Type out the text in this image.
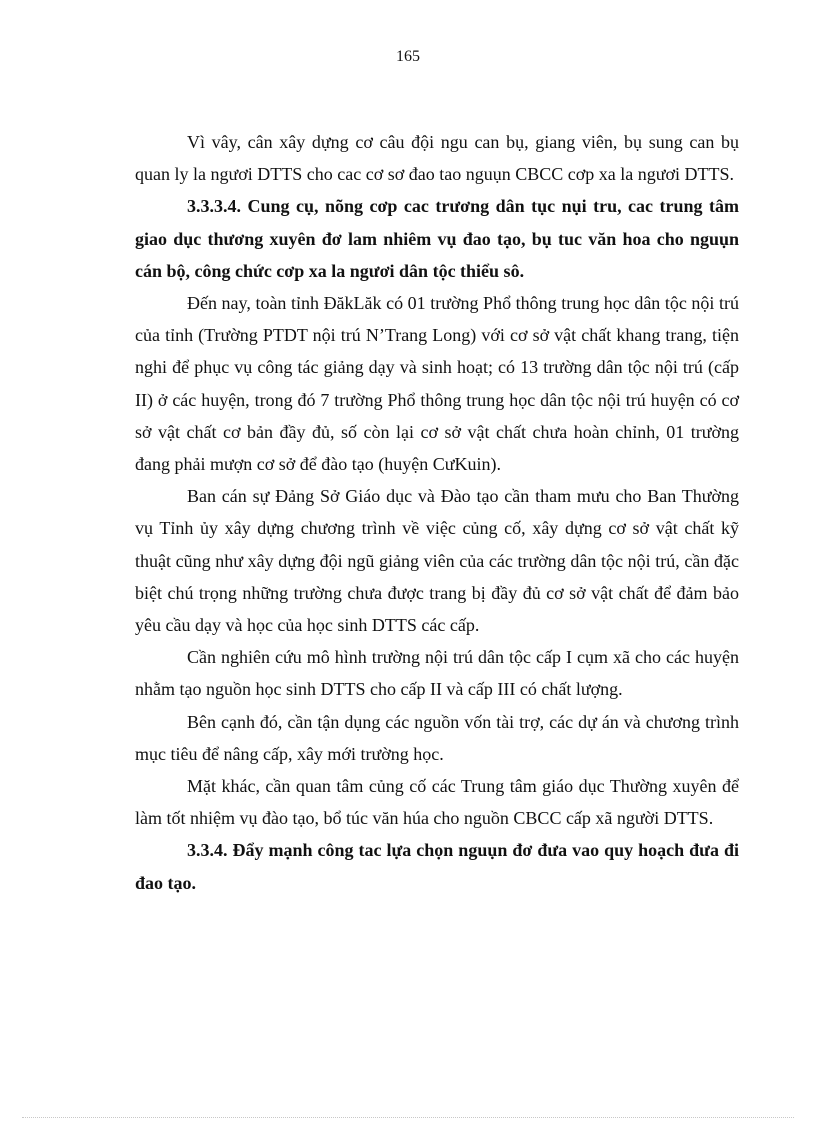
165

Vì vây, cân xây dựng cơ câu đội ngu can bụ, giang viên, bụ sung can bụ quan ly la ngươi DTTS cho cac cơ sơ đao tao nguụn CBCC cơp xa la ngươi DTTS.

3.3.3.4. Cung cụ, nõng cơp cac trương dân tục nụi tru, cac trung tâm giao dục thương xuyên đơ lam nhiêm vụ đao tạo, bụ tuc văn hoa cho nguụn cán bộ, công chức cơp xa la ngươi dân tộc thiểu sô.

Đến nay, toàn tỉnh ĐăkLăk có 01 trường Phổ thông trung học dân tộc nội trú của tỉnh (Trường PTDT nội trú N’Trang Long) với cơ sở vật chất khang trang, tiện nghi để phục vụ công tác giảng dạy và sinh hoạt; có 13 trường dân tộc nội trú (cấp II) ở các huyện, trong đó 7 trường Phổ thông trung học dân tộc nội trú huyện có cơ sở vật chất cơ bản đầy đủ, số còn lại cơ sở vật chất chưa hoàn chỉnh, 01 trường đang phải mượn cơ sở để đào tạo (huyện CưKuin).

Ban cán sự Đảng Sở Giáo dục và Đào tạo cần tham mưu cho Ban Thường vụ Tỉnh ủy xây dựng chương trình về việc củng cố, xây dựng cơ sở vật chất kỹ thuật cũng như xây dựng đội ngũ giảng viên của các trường dân tộc nội trú, cần đặc biệt chú trọng những trường chưa được trang bị đầy đủ cơ sở vật chất để đảm bảo yêu cầu dạy và học của học sinh DTTS các cấp.

Cần nghiên cứu mô hình trường nội trú dân tộc cấp I cụm xã cho các huyện nhằm tạo nguồn học sinh DTTS cho cấp II và cấp III có chất lượng.

Bên cạnh đó, cần tận dụng các nguồn vốn tài trợ, các dự án và chương trình mục tiêu để nâng cấp, xây mới trường học.

Mặt khác, cần quan tâm củng cố các Trung tâm giáo dục Thường xuyên để làm tốt nhiệm vụ đào tạo, bổ túc văn húa cho nguồn CBCC cấp xã người DTTS.

3.3.4. Đẩy mạnh công tac lựa chọn nguụn đơ đưa vao quy hoạch đưa đi đao tạo.
